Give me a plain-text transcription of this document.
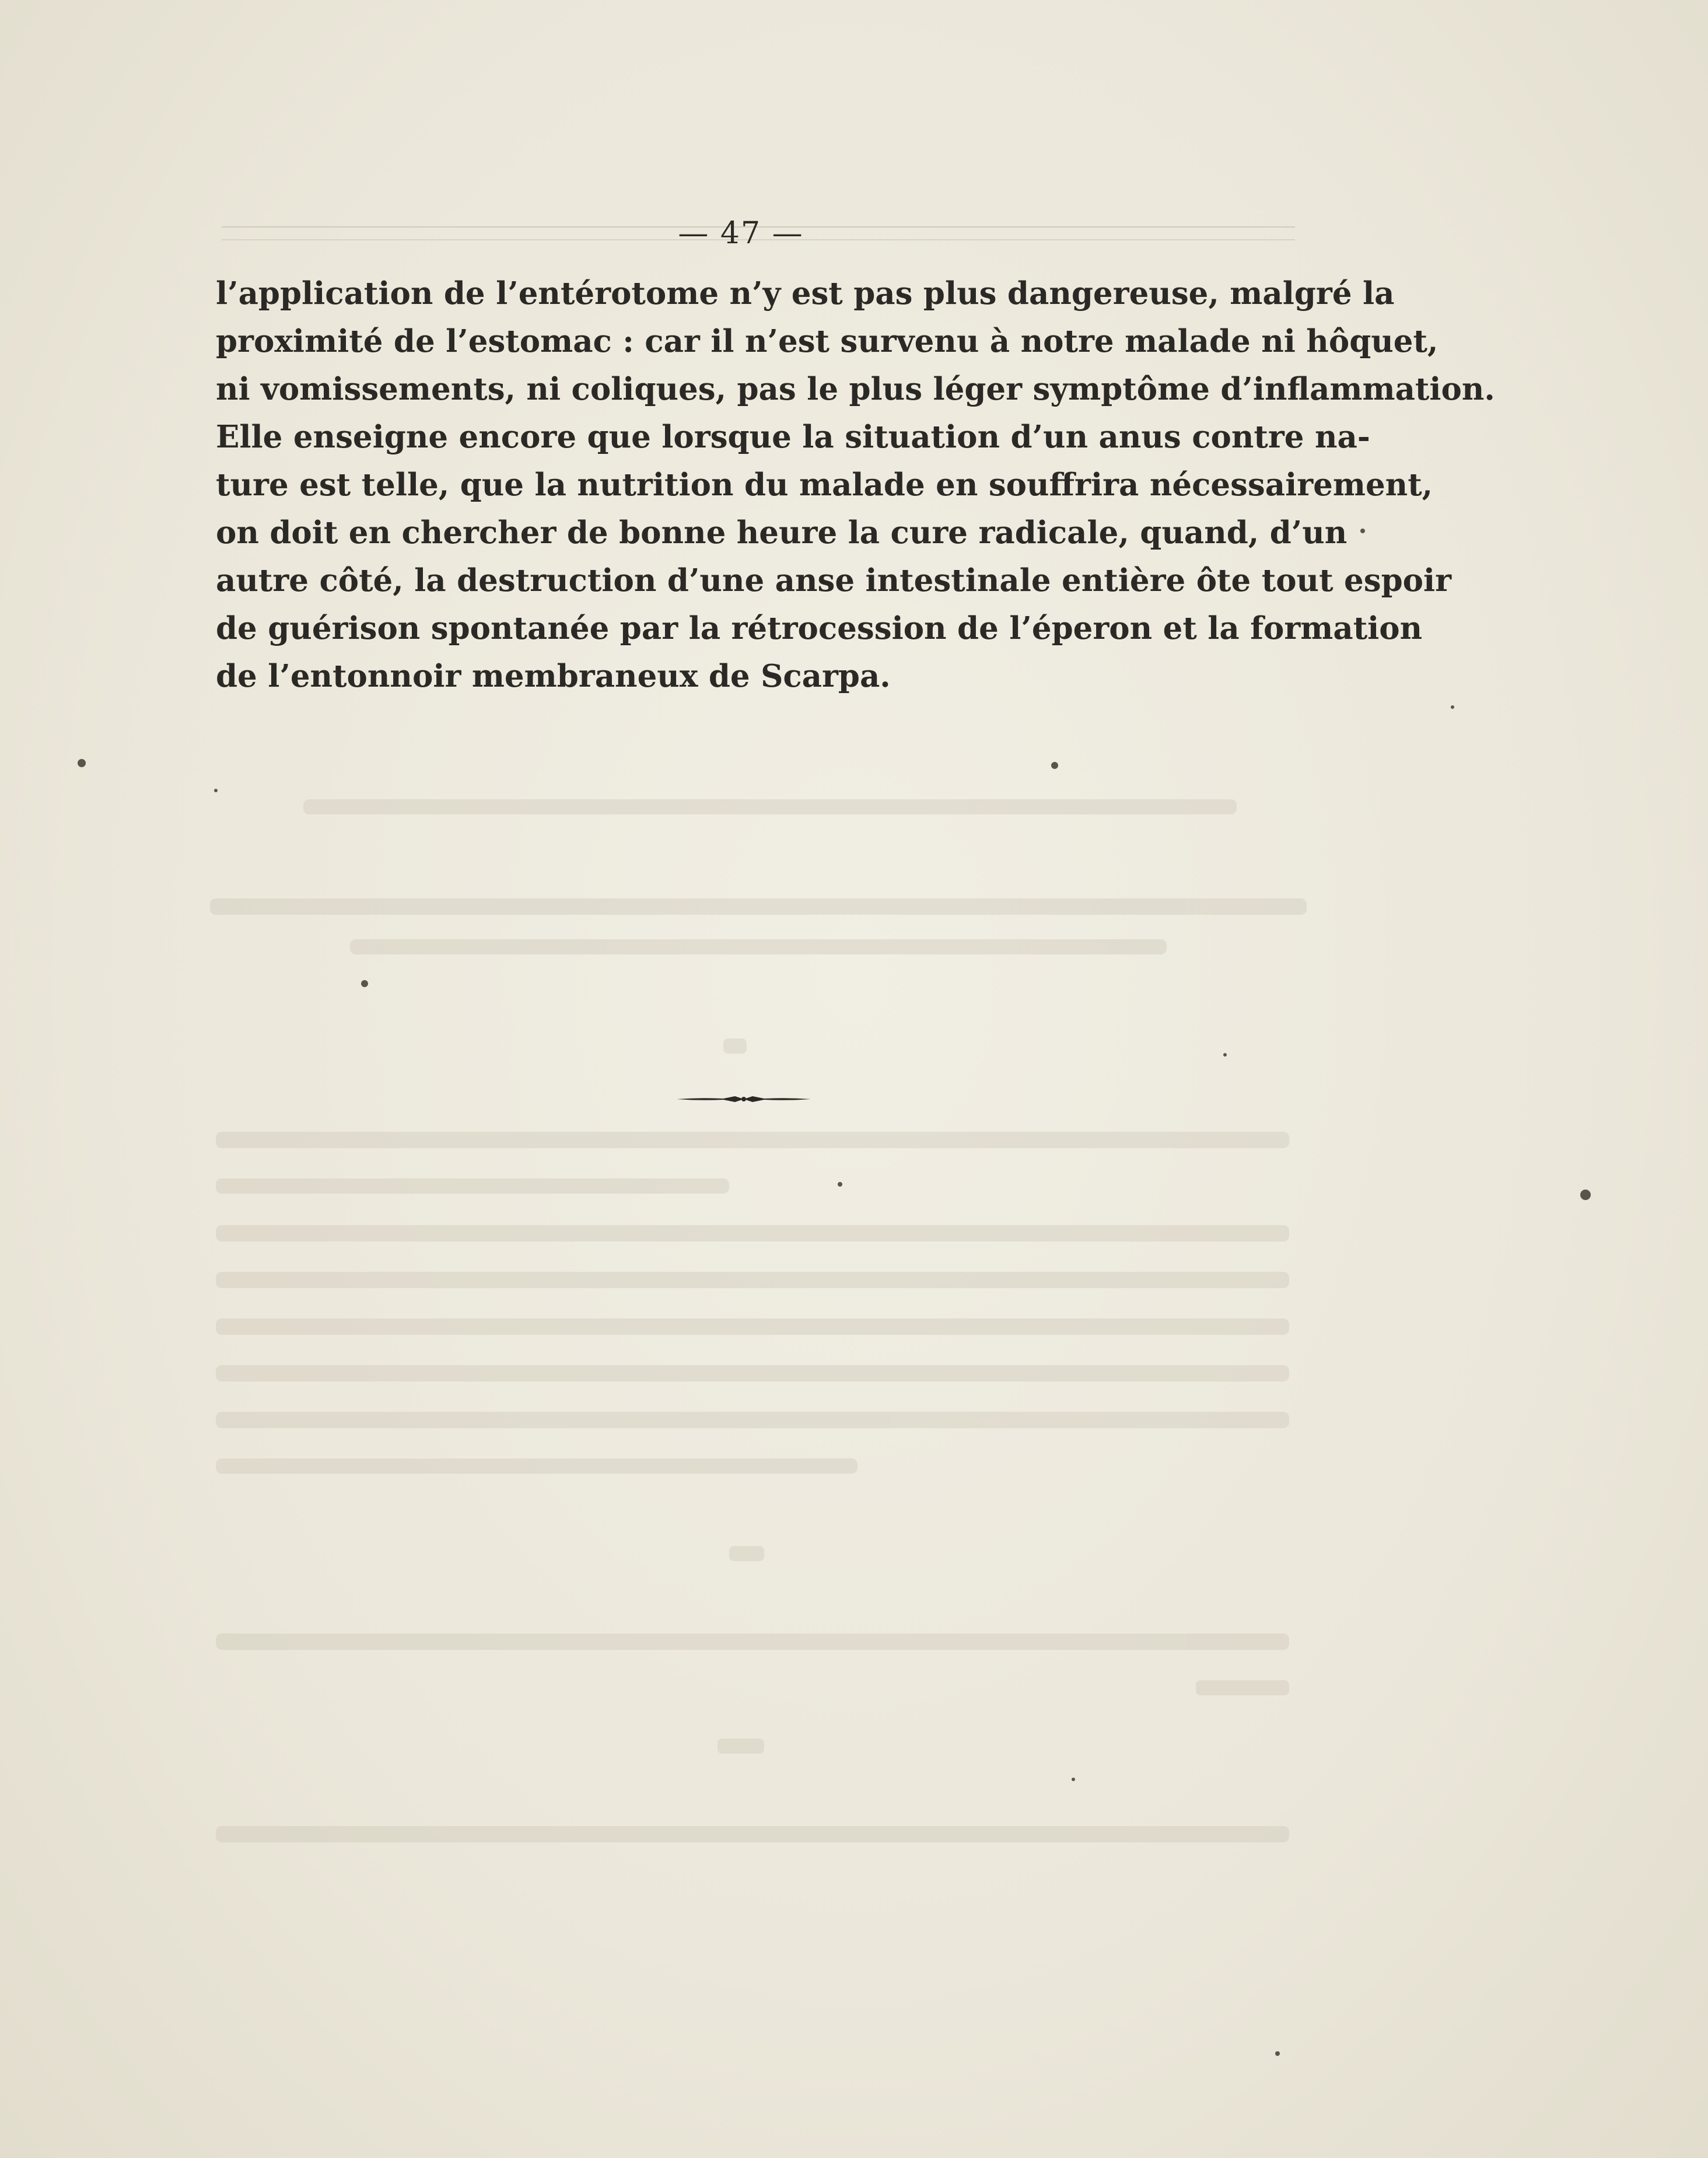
— 47 —
l’application de l’entérotome n’y est pas plus dangereuse, malgré la
proximité de l’estomac : car il n’est survenu à notre malade ni hôquet,
ni vomissements, ni coliques, pas le plus léger symptôme d’inflammation.
Elle enseigne encore que lorsque la situation d’un anus contre na-
ture est telle, que la nutrition du malade en souffrira nécessairement,
on doit en chercher de bonne heure la cure radicale, quand, d’un
autre côté, la destruction d’une anse intestinale entière ôte tout espoir
de guérison spontanée par la rétrocession de l’éperon et la formation
de l’entonnoir membraneux de Scarpa.
